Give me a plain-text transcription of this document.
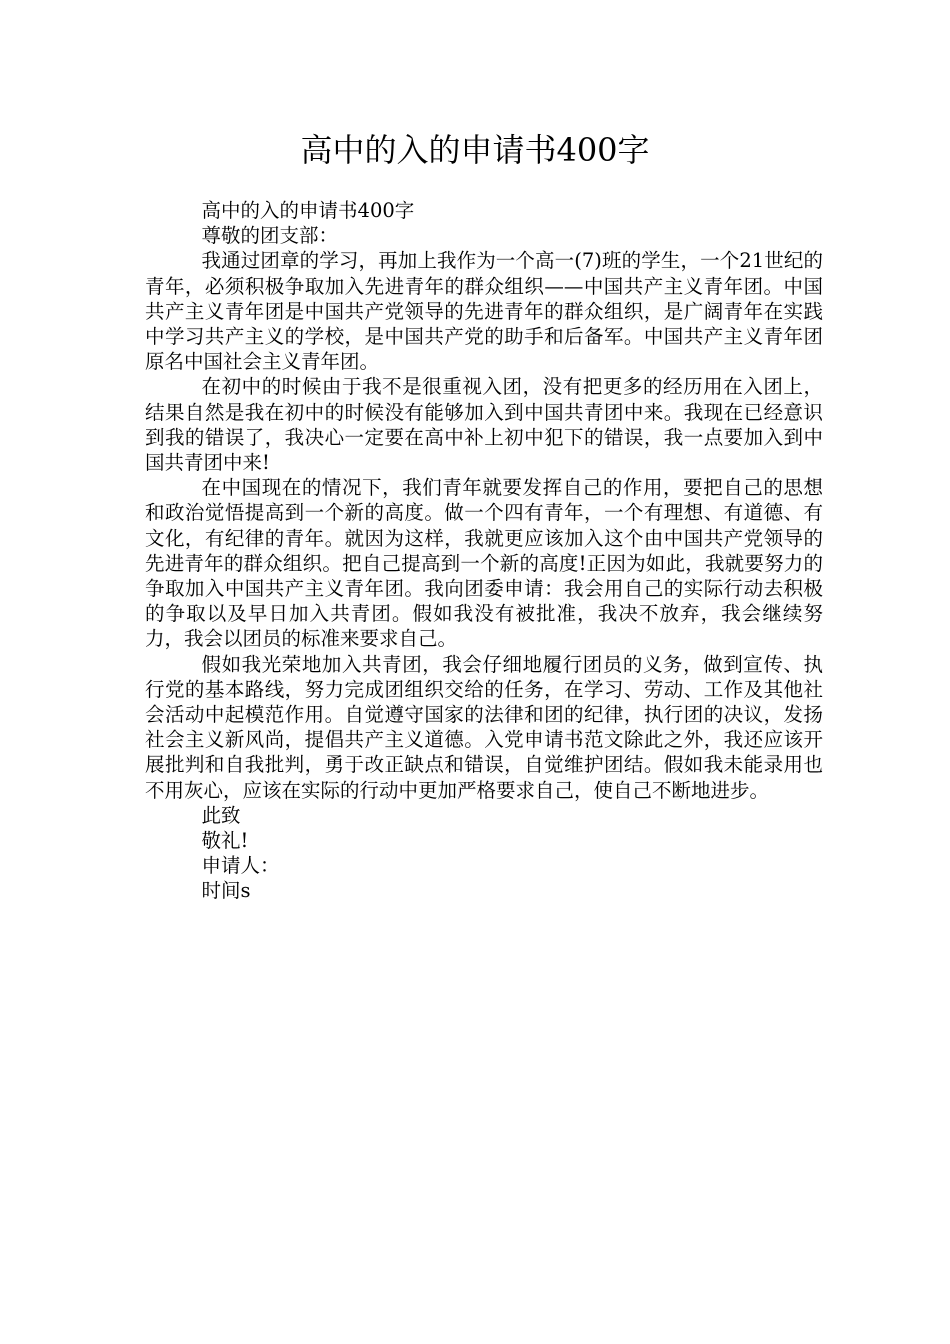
高中的入的申请书400字

高中的入的申请书400字

尊敬的团支部：

我通过团章的学习，再加上我作为一个高一(7)班的学生，一个21世纪的青年，必须积极争取加入先进青年的群众组织——中国共产主义青年团。中国共产主义青年团是中国共产党领导的先进青年的群众组织，是广阔青年在实践中学习共产主义的学校，是中国共产党的助手和后备军。中国共产主义青年团原名中国社会主义青年团。

在初中的时候由于我不是很重视入团，没有把更多的经历用在入团上，结果自然是我在初中的时候没有能够加入到中国共青团中来。我现在已经意识到我的错误了，我决心一定要在高中补上初中犯下的错误，我一点要加入到中国共青团中来!

在中国现在的情况下，我们青年就要发挥自己的作用，要把自己的思想和政治觉悟提高到一个新的高度。做一个四有青年，一个有理想、有道德、有文化，有纪律的青年。就因为这样，我就更应该加入这个由中国共产党领导的先进青年的群众组织。把自己提高到一个新的高度!正因为如此，我就要努力的争取加入中国共产主义青年团。我向团委申请：我会用自己的实际行动去积极的争取以及早日加入共青团。假如我没有被批准，我决不放弃，我会继续努力，我会以团员的标准来要求自己。

假如我光荣地加入共青团，我会仔细地履行团员的义务，做到宣传、执行党的基本路线，努力完成团组织交给的任务，在学习、劳动、工作及其他社会活动中起模范作用。自觉遵守国家的法律和团的纪律，执行团的决议，发扬社会主义新风尚，提倡共产主义道德。入党申请书范文除此之外，我还应该开展批判和自我批判，勇于改正缺点和错误，自觉维护团结。假如我未能录用也不用灰心，应该在实际的行动中更加严格要求自己，使自己不断地进步。

此致

敬礼!

申请人：

时间s
